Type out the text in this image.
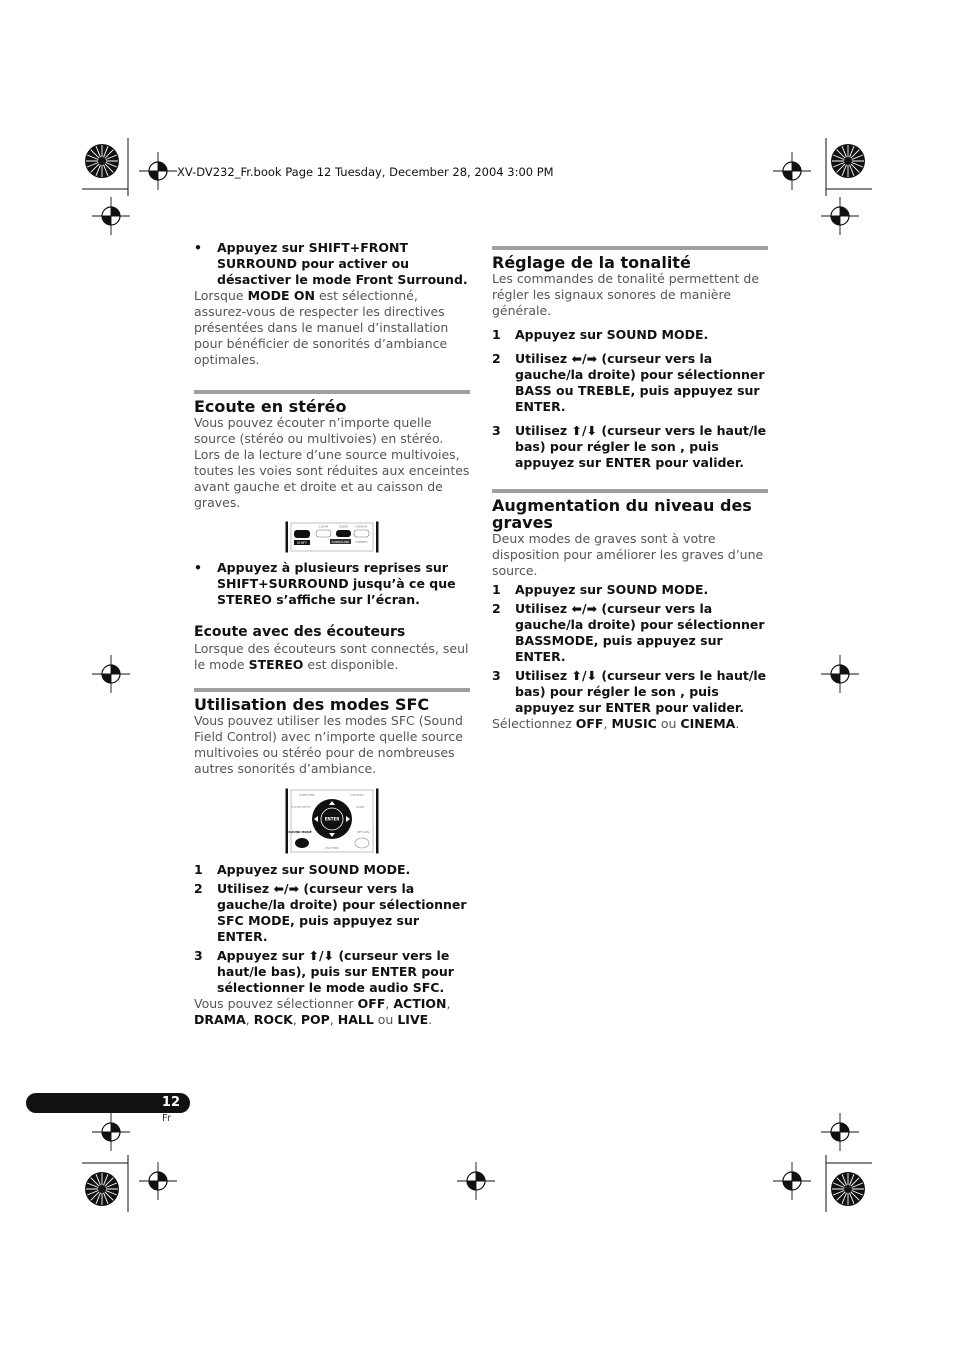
XV-DV232_Fr.book Page 12 Tuesday, December 28, 2004 3:00 PM
•	Appuyez sur SHIFT+FRONT SURROUND pour activer ou désactiver le mode Front Surround.
Lorsque MODE ON est sélectionné, assurez-vous de respecter les directives présentées dans le manuel d’installation pour bénéficier de sonorités d’ambiance optimales.
Ecoute en stéréo
Vous pouvez écouter n’importe quelle source (stéréo ou multivoies) en stéréo. Lors de la lecture d’une source multivoies, toutes les voies sont réduites aux enceintes avant gauche et droite et au caisson de graves.
SHIFT
CLEAR	SLEEP DISPLAY
SURROUND STEREO
•	Appuyez à plusieurs reprises sur SHIFT+SURROUND jusqu’à ce que STEREO s’affiche sur l’écran.
Ecoute avec des écouteurs
Lorsque des écouteurs sont connectés, seul le mode STEREO est disponible.
Utilisation des modes SFC
Vous pouvez utiliser les modes SFC (Sound Field Control) avec n’importe quelle source multivoies ou stéréo pour de nombreuses autres sonorités d’ambiance.
HOME MENU	TOP MENU
SYSTEM SETUP
ENTER
SOUND MODE	RETURN
DISP MENU
GUIDE
1	Appuyez sur SOUND MODE.
2	Utilisez ⬅/➡ (curseur vers la gauche/la droite) pour sélectionner SFC MODE, puis appuyez sur ENTER.
3	Appuyez sur ⬆/⬇ (curseur vers le haut/le bas), puis sur ENTER pour sélectionner le mode audio SFC.
Vous pouvez sélectionner OFF, ACTION, DRAMA, ROCK, POP, HALL ou LIVE.
Réglage de la tonalité
Les commandes de tonalité permettent de régler les signaux sonores de manière générale.
1	Appuyez sur SOUND MODE.
2	Utilisez ⬅/➡ (curseur vers la gauche/la droite) pour sélectionner BASS ou TREBLE, puis appuyez sur ENTER.
3	Utilisez ⬆/⬇ (curseur vers le haut/le bas) pour régler le son , puis appuyez sur ENTER pour valider.
Augmentation du niveau des graves
Deux modes de graves sont à votre disposition pour améliorer les graves d’une source.
1	Appuyez sur SOUND MODE.
2	Utilisez ⬅/➡ (curseur vers la gauche/la droite) pour sélectionner BASSMODE, puis appuyez sur ENTER.
3	Utilisez ⬆/⬇ (curseur vers le haut/le bas) pour régler le son , puis appuyez sur ENTER pour valider.
Sélectionnez OFF, MUSIC ou CINEMA.
12
Fr
